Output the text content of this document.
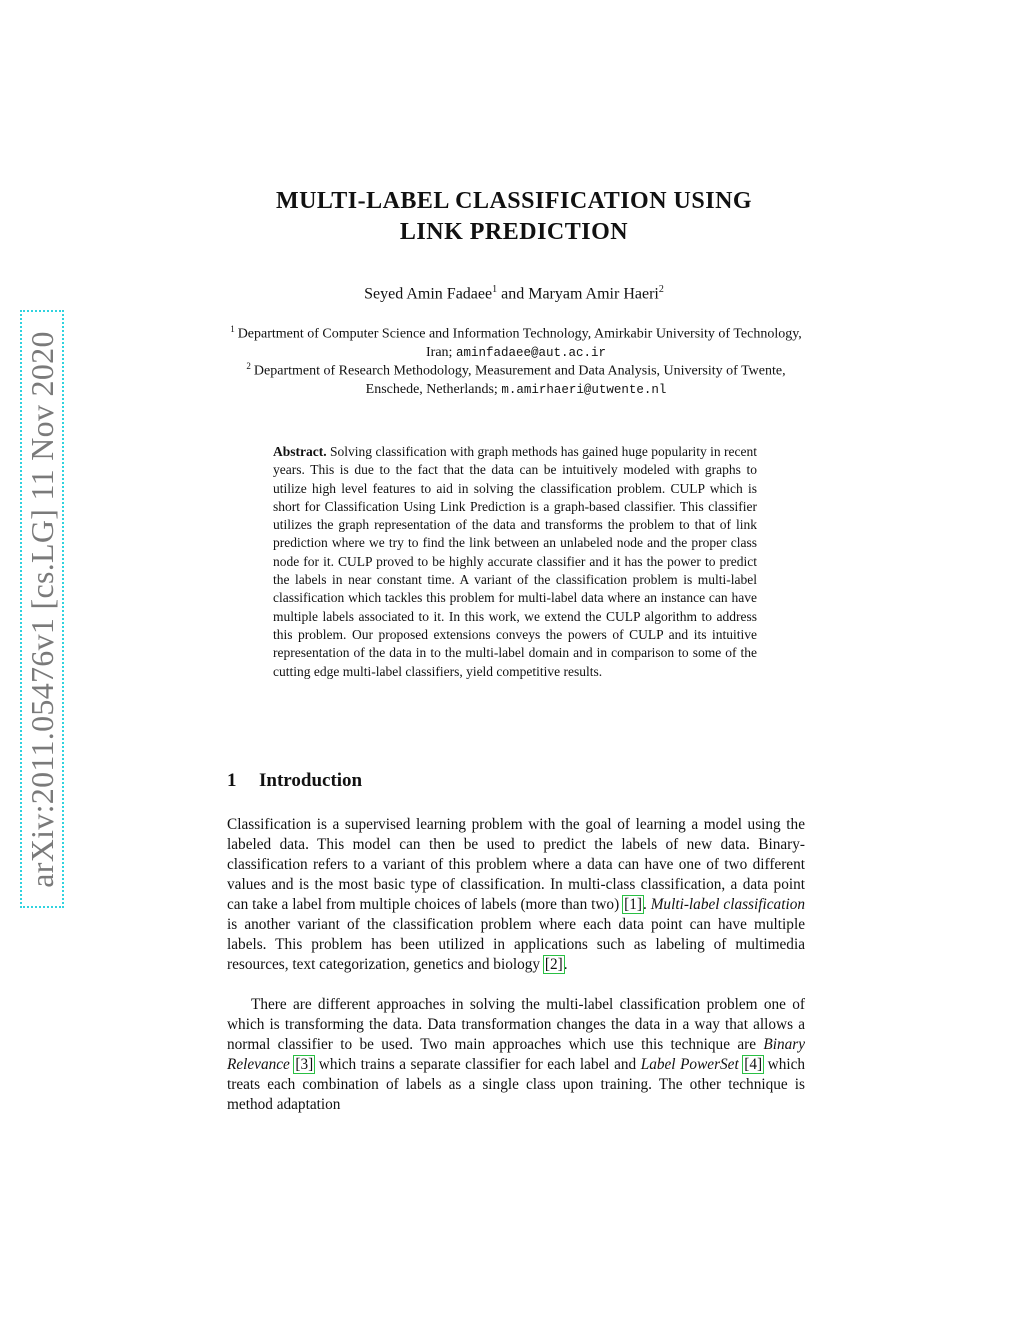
arXiv:2011.05476v1 [cs.LG] 11 Nov 2020
MULTI-LABEL CLASSIFICATION USING
LINK PREDICTION
Seyed Amin Fadaee$^1$ and Maryam Amir Haeri$^2$
$^1$ Department of Computer Science and Information Technology, Amirkabir University of Technology, Iran; aminfadaee@aut.ac.ir
$^2$ Department of Research Methodology, Measurement and Data Analysis, University of Twente, Enschede, Netherlands; m.amirhaeri@utwente.nl
Abstract. Solving classification with graph methods has gained huge popularity in recent years. This is due to the fact that the data can be intuitively modeled with graphs to utilize high level features to aid in solving the classification problem. CULP which is short for Classification Using Link Prediction is a graph-based classifier. This classifier utilizes the graph representation of the data and transforms the problem to that of link prediction where we try to find the link between an unlabeled node and the proper class node for it. CULP proved to be highly accurate classifier and it has the power to predict the labels in near constant time. A variant of the classification problem is multi-label classification which tackles this problem for multi-label data where an instance can have multiple labels associated to it. In this work, we extend the CULP algorithm to address this problem. Our proposed extensions conveys the powers of CULP and its intuitive representation of the data in to the multi-label domain and in comparison to some of the cutting edge multi-label classifiers, yield competitive results.
1 Introduction
Classification is a supervised learning problem with the goal of learning a model using the labeled data. This model can then be used to predict the labels of new data. Binary-classification refers to a variant of this problem where a data can have one of two different values and is the most basic type of classification. In multi-class classification, a data point can take a label from multiple choices of labels (more than two) [1]. Multi-label classification is another variant of the classification problem where each data point can have multiple labels. This problem has been utilized in applications such as labeling of multimedia resources, text categorization, genetics and biology [2].
There are different approaches in solving the multi-label classification problem one of which is transforming the data. Data transformation changes the data in a way that allows a normal classifier to be used. Two main approaches which use this technique are Binary Relevance [3] which trains a separate classifier for each label and Label PowerSet [4] which treats each combination of labels as a single class upon training. The other technique is method adaptation
